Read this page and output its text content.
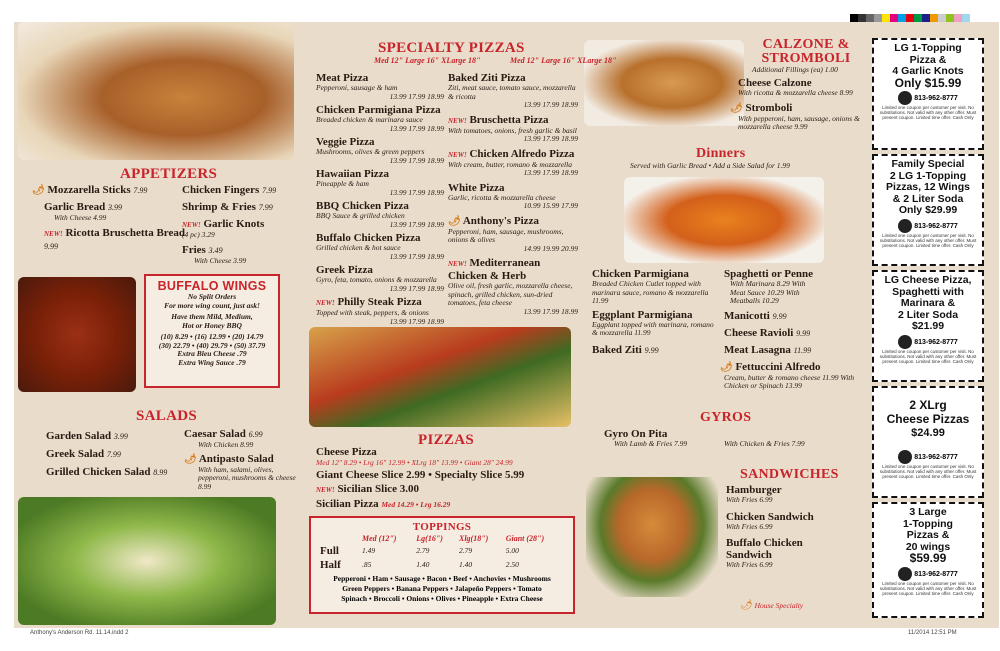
APPETIZERS
🌶 Mozzarella Sticks 7.99
Garlic Bread 3.99
With Cheese 4.99
NEW! Ricotta Bruschetta Bread 9.99
Chicken Fingers 7.99
Shrimp & Fries 7.99
NEW! Garlic Knots
(4 pc) 3.29
Fries 3.49
With Cheese 3.99
BUFFALO WINGS
No Split Orders
For more wing count, just ask!
Have them Mild, Medium,
Hot or Honey BBQ
(10) 8.29 • (16) 12.99 • (20) 14.79
(30) 22.79 • (40) 29.79 • (50) 37.79
Extra Bleu Cheese .79
Extra Wing Sauce .79
SALADS
Garden Salad 3.99
Greek Salad 7.99
Grilled Chicken Salad 8.99
Caesar Salad 6.99
With Chicken 8.99
🌶 Antipasto Salad
With ham, salami, olives, pepperoni, mushrooms & cheese 8.99
SPECIALTY PIZZAS
Med 12" Large 16" XLarge 18"	Med 12" Large 16" XLarge 18"
Meat Pizza
Pepperoni, sausage & ham
13.99 17.99 18.99
Chicken Parmigiana Pizza
Breaded chicken & marinara sauce
13.99 17.99 18.99
Veggie Pizza
Mushrooms, olives & green peppers
13.99 17.99 18.99
Hawaiian Pizza
Pineapple & ham
13.99 17.99 18.99
BBQ Chicken Pizza
BBQ Sauce & grilled chicken
13.99 17.99 18.99
Buffalo Chicken Pizza
Grilled chicken & hot sauce
13.99 17.99 18.99
Greek Pizza
Gyro, feta, tomato, onions & mozzarella
13.99 17.99 18.99
NEW! Philly Steak Pizza
Topped with steak, peppers, & onions
13.99 17.99 18.99
Baked Ziti Pizza
Ziti, meat sauce, tomato sauce, mozzarella & ricotta
13.99 17.99 18.99
NEW! Bruschetta Pizza
With tomatoes, onions, fresh garlic & basil
13.99 17.99 18.99
NEW! Chicken Alfredo Pizza
With cream, butter, romano & mozzarella
13.99 17.99 18.99
White Pizza
Garlic, ricotta & mozzarella cheese
10.99 15.99 17.99
🌶 Anthony's Pizza
Pepperoni, ham, sausage, mushrooms, onions & olives
14.99 19.99 20.99
NEW! Mediterranean Chicken & Herb
Olive oil, fresh garlic, mozzarella cheese, spinach, grilled chicken, sun-dried tomatoes, feta cheese
13.99 17.99 18.99
PIZZAS
Cheese Pizza
Med 12" 8.29 • Lrg 16" 12.99 • XLrg 18" 13.99 • Giant 28" 24.99
Giant Cheese Slice 2.99 • Specialty Slice 5.99
NEW! Sicilian Slice 3.00
Sicilian Pizza Med 14.29 • Lrg 16.29
TOPPINGS
	Med (12")	Lg(16")	Xlg(18")	Giant (28")
Full	1.49	2.79	2.79	5.00
Half	.85	1.40	1.40	2.50
Pepperoni • Ham • Sausage • Bacon • Beef • Anchovies • Mushrooms
Green Peppers • Banana Peppers • Jalapeño Peppers • Tomato
Spinach • Broccoli • Onions • Olives • Pineapple • Extra Cheese
CALZONE & STROMBOLI
Additional Fillings (ea) 1.00
Cheese Calzone
With ricotta & mozzarella cheese 8.99
🌶 Stromboli
With pepperoni, ham, sausage, onions & mozzarella cheese 9.99
Dinners
Served with Garlic Bread • Add a Side Salad for 1.99
Chicken Parmigiana
Breaded Chicken Cutlet topped with marinara sauce, romano & mozzarella 11.99
Eggplant Parmigiana
Eggplant topped with marinara, romano & mozzarella 11.99
Baked Ziti 9.99
Spaghetti or Penne
With Marinara 8.29 With Meat Sauce 10.29 With Meatballs 10.29
Manicotti 9.99
Cheese Ravioli 9.99
Meat Lasagna 11.99
🌶 Fettuccini Alfredo
Cream, butter & romano cheese 11.99 With Chicken or Spinach 13.99
GYROS
Gyro On Pita
With Lamb & Fries 7.99	With Chicken & Fries 7.99
SANDWICHES
Hamburger
With Fries 6.99
Chicken Sandwich
With Fries 6.99
Buffalo Chicken Sandwich
With Fries 6.99
🌶 House Specialty
LG 1-Topping
Pizza &
4 Garlic Knots
Only $15.99
813-962-8777
Limited one coupon per customer per visit. No substitutions. Not valid with any other offer. Must present coupon. Limited time offer. Cash Only
Family Special
2 LG 1-Topping
Pizzas, 12 Wings
& 2 Liter Soda
Only $29.99
813-962-8777
Limited one coupon per customer per visit. No substitutions. Not valid with any other offer. Must present coupon. Limited time offer. Cash Only
LG Cheese Pizza,
Spaghetti with
Marinara &
2 Liter Soda
$21.99
813-962-8777
Limited one coupon per customer per visit. No substitutions. Not valid with any other offer. Must present coupon. Limited time offer. Cash Only
2 XLrg
Cheese Pizzas
$24.99
813-962-8777
Limited one coupon per customer per visit. No substitutions. Not valid with any other offer. Must present coupon. Limited time offer. Cash Only
3 Large
1-Topping
Pizzas &
20 wings
$59.99
813-962-8777
Limited one coupon per customer per visit. No substitutions. Not valid with any other offer. Must present coupon. Limited time offer. Cash Only
Anthony's Anderson Rd. 11.14.indd 2	11/2014 12:51 PM
